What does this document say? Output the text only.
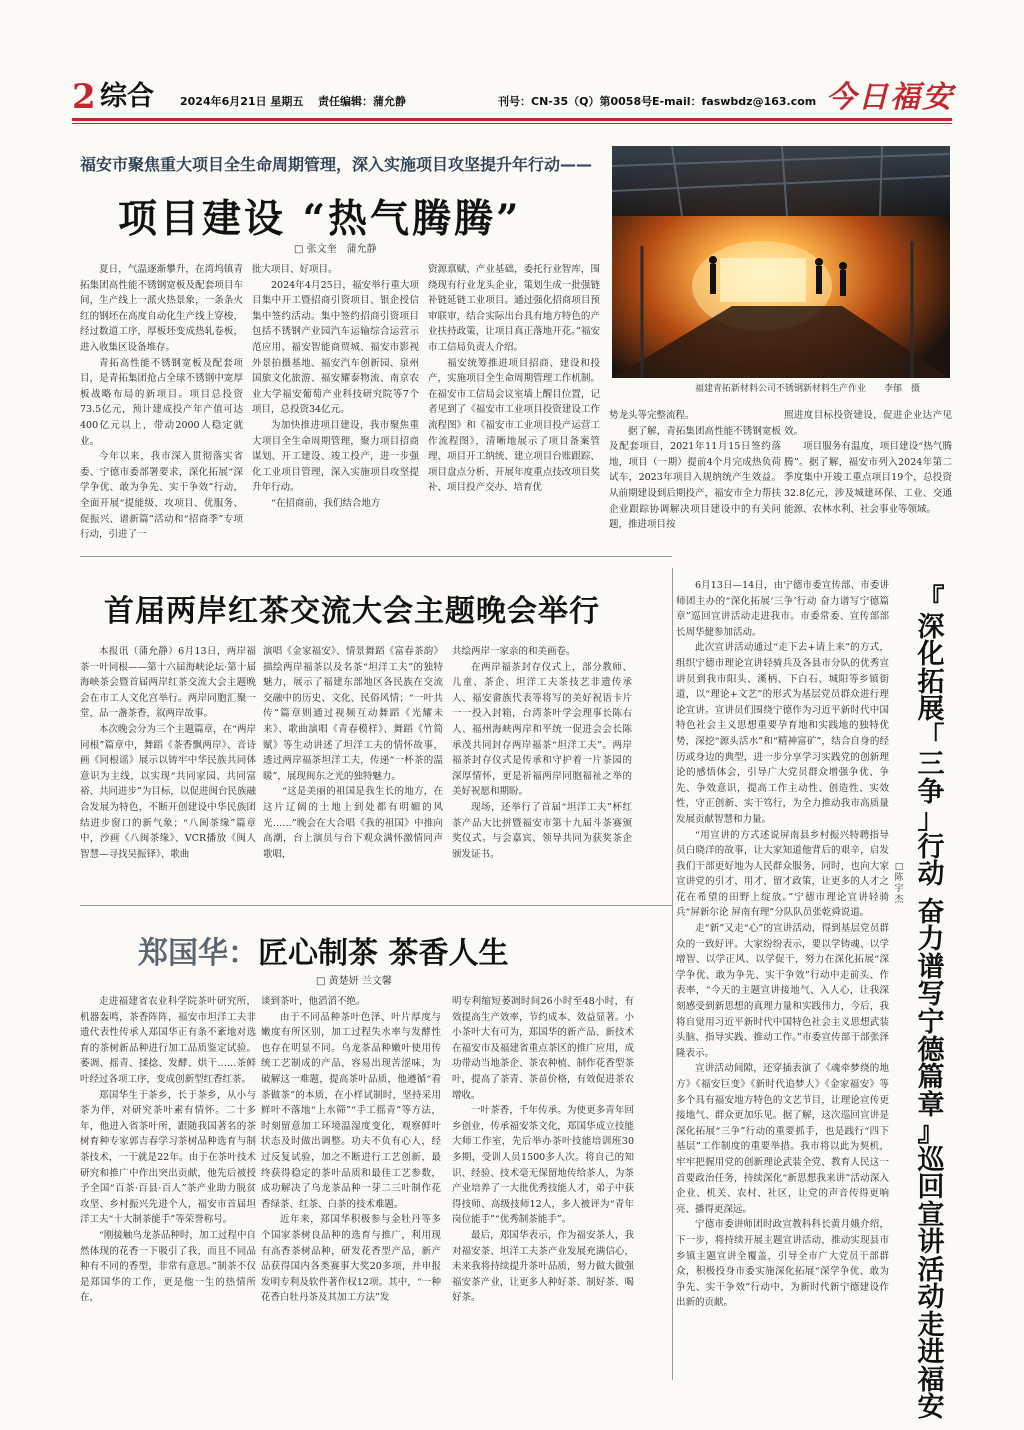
2 综合 2024年6月21日 星期五 责任编辑：蒲允静	刊号：CN-35（Q）第0058号 E-mail：faswbdz@163.com 今日福安
福安市聚焦重大项目全生命周期管理，深入实施项目攻坚提升年行动——
项目建设 “热气腾腾”
□ 张文奎　蒲允静
福建青拓新材料公司不锈钢新材料生产作业　　李郁　摄

夏日，气温逐渐攀升，在湾坞镇青拓集团高性能不锈钢宽板及配套项目车间，生产线上一派火热景象，一条条火红的钢坯在高度自动化生产线上穿梭，经过数道工序，厚板坯变成热轧卷板，进入收集区设备堆存。

青拓高性能不锈钢宽板及配套项目，是青拓集团抢占全球不锈钢中宽厚板战略布局的新项目。项目总投资73.5亿元，预计建成投产年产值可达400亿元以上，带动2000人稳定就业。

今年以来，我市深入贯彻落实省委、宁德市委部署要求，深化拓展“深学争优、敢为争先、实干争效”行动，全面开展“提能级、攻项目、优服务、促振兴、谱新篇”活动和“招商季”专项行动，引进了一

批大项目、好项目。

2024年4月25日，福安举行重大项目集中开工暨招商引资项目、银企授信集中签约活动。集中签约招商引资项目包括不锈钢产业园汽车运输综合运营示范应用、福安智能商贸城、福安市影视外景拍摄基地、福安汽车创新园、泉州国旅文化旅游、福安耀泰物流、南京农业大学福安葡萄产业科技研究院等7个项目，总投资34亿元。

为加快推进项目建设，我市聚焦重大项目全生命周期管理，聚力项目招商谋划、开工建设、竣工投产，进一步强化工业项目管理，深入实施项目攻坚提升年行动。

“在招商前，我们结合地方

资源禀赋、产业基础，委托行业智库，围绕现有行业龙头企业，策划生成一批强链补链延链工业项目。通过强化招商项目预审联审，结合实际出台具有地方特色的产业扶持政策，让项目真正落地开花。”福安市工信局负责人介绍。

福安统筹推进项目招商、建设和投产，实施项目全生命周期管理工作机制。在福安市工信局会议室墙上醒目位置，记者见到了《福安市工业项目投资建设工作流程图》和《福安市工业项目投产运营工作流程图》，清晰地展示了项目备案管理、项目开工纳统、建立项目台账跟踪、项目盘点分析、开展年度重点技改项目奖补、项目投产交办、培育优

势龙头等完整流程。

据了解，青拓集团高性能不锈钢宽板及配套项目，2021年11月15日签约落地，项目（一期）提前4个月完成热负荷试车，2023年项目入规纳统产生效益。从前期建设到后期投产，福安市全力帮扶企业跟踪协调解决项目建设中的有关问题，推进项目按

照进度目标投资建设，促进企业达产见效。

项目服务有温度，项目建设“热气腾腾”。据了解，福安市列入2024年第二季度集中开竣工重点项目19个，总投资32.8亿元，涉及城建环保、工业、交通能源、农林水利、社会事业等领域。

首届两岸红茶交流大会主题晚会举行

本报讯（蒲允静）6月13日，两岸福茶一叶同根——第十六届海峡论坛·第十届海峡茶会暨首届两岸红茶交流大会主题晚会在市工人文化宫举行。两岸同胞汇聚一堂，品一盏茶香，叙两岸故事。

本次晚会分为三个主题篇章，在“两岸同根”篇章中，舞蹈《茶香飘两岸》、音诗画《同根谣》展示以铸牢中华民族共同体意识为主线，以实现“共同家园、共同富裕、共同进步”为目标，以促进闽台民族融合发展为特色，不断开创建设中华民族团结进步窗口的新气象；“八闽茶缘”篇章中，沙画《八闽茶缘》、VCR播放《闽人智慧—寻找吴振铎》、歌曲

演唱《金家福安》、情景舞蹈《富春茶韵》描绘两岸福茶以及名茶“坦洋工夫”的独特魅力，展示了福建东部地区各民族在交流交融中的历史、文化、民俗风情；“一叶共传”篇章则通过视频互动舞蹈《光耀未来》、歌曲演唱《青春模样》、舞蹈《竹简赋》等生动讲述了坦洋工夫的情怀故事，透过两岸福茶坦洋工夫，传递“一杯茶的温暖”，展现闽东之光的独特魅力。

“这是美丽的祖国是我生长的地方，在这片辽阔的土地上到处都有明媚的风光……”晚会在大合唱《我的祖国》中推向高潮，台上演员与台下观众满怀激情同声歌唱，

共绘两岸一家亲的和美画卷。

在两岸福茶封存仪式上，部分教师、儿童、茶企、坦洋工夫茶技艺非遗传承人、福安畲族代表等将写的美好祝语卡片一一投入封箱，台湾茶叶学会理事长陈右人、福州海峡两岸和平统一促进会会长陈承茂共同封存两岸福茶“坦洋工夫”。两岸福茶封存仪式是传承和守护着一片茶园的深厚情怀，更是祈福两岸同胞福祉之举的美好祝愿和期盼。

现场，还举行了首届“坦洋工夫”杯红茶产品大比拼暨福安市第十九届斗茶赛颁奖仪式。与会嘉宾、领导共同为获奖茶企颁发证书。

郑国华：匠心制茶 茶香人生
□ 黄楚妍 兰文馨

走进福建省农业科学院茶叶研究所，机器轰鸣，茶香阵阵，福安市坦洋工夫非遗代表性传承人郑国华正有条不紊地对选育的茶树新品种进行加工品质鉴定试验。萎凋、摇青、揉捻、发酵、烘干……茶鲜叶经过各项工序，变成创新型红香红茶。

郑国华生于茶乡，长于茶乡，从小与茶为伴，对研究茶叶素有情怀。二十多年，他进入省茶叶所，跟随我国著名的茶树育种专家郭吉春学习茶树品种选育与制茶技术，一干就是22年。由于在茶叶技术研究和推广中作出突出贡献，他先后被授予全国“百茶·百县·百人”茶产业助力脱贫攻坚、乡村振兴先进个人，福安市首届坦洋工夫“十大制茶能手”等荣誉称号。

“刚接触乌龙茶品种时，加工过程中自然体现的花香一下吸引了我，而且不同品种有不同的香型，非常有意思。”制茶不仅是郑国华的工作，更是他一生的热情所在，

谈到茶叶，他滔滔不绝。

由于不同品种茶叶色泽、叶片厚度与嫩度有所区别，加工过程失水率与发酵性也存在明显不同。乌龙茶品种嫩叶使用传统工艺制成的产品，容易出现苦涩味，为破解这一难题，提高茶叶品质，他遵循“看茶做茶”的本质，在小样试制时，坚持采用鲜叶不落地“上水筛”“手工摇青”等方法，时刻留意加工环境温湿度变化，观察鲜叶状态及时做出调整。功夫不负有心人，经过反复试验，加之不断进行工艺创新，最终获得稳定的茶叶品质和最佳工艺参数，成功解决了乌龙茶品种一芽二三叶制作花香绿茶、红茶、白茶的技术难题。

近年来，郑国华积极参与金牡丹等多个国家茶树良品种的选育与推广，利用现有高香茶树品种，研发花香型产品，新产品获得国内各类赛事大奖20多项，并申报发明专利及软件著作权12项。其中，“一种花香白牡丹茶及其加工方法”发

明专利缩短萎凋时间26小时至48小时，有效提高生产效率，节约成本、效益显著。小小茶叶大有可为，郑国华的新产品、新技术在福安市及福建省重点茶区的推广应用，成功带动当地茶企、茶农种植、制作花香型茶叶，提高了茶青、茶苗价格，有效促进茶农增收。

一叶茶香，千年传承。为使更多青年回乡创业，传承福安茶文化，郑国华成立技能大师工作室，先后举办茶叶技能培训班30多期，受训人员1500多人次。将自己的知识、经验、技术毫无保留地传给茶人，为茶产业培养了一大批优秀技能人才，弟子中获得技师、高级技师12人，多人被评为“青年岗位能手”“优秀制茶能手”。

最后，郑国华表示，作为福安茶人，我对福安茶、坦洋工夫茶产业发展充满信心，未来我将持续提升茶叶品质，努力做大做强福安茶产业，让更多人种好茶、制好茶、喝好茶。

6月13日—14日，由宁德市委宣传部、市委讲师团主办的“深化拓展‘三争’行动 奋力谱写宁德篇章”巡回宣讲活动走进我市。市委常委、宣传部部长周华健参加活动。

此次宣讲活动通过“走下去+请上来”的方式，组织宁德市理论宣讲轻骑兵及各县市分队的优秀宣讲员到我市阳头、溪柄、下白石、城阳等乡镇街道，以“理论+文艺”的形式为基层党员群众进行理论宣讲。宣讲员们围绕宁德作为习近平新时代中国特色社会主义思想重要孕育地和实践地的独特优势，深挖“源头活水”和“精神富矿”，结合自身的经历或身边的典型，进一步分享学习实践党的创新理论的感悟体会，引导广大党员群众增强争优、争先、争效意识，提高工作主动性、创造性、实效性，守正创新、实干笃行，为全力推动我市高质量发展贡献智慧和力量。

“用宣讲的方式述说屏南县乡村振兴特聘指导员白晓洋的故事，让大家知道他背后的艰辛，启发我们干部更好地为人民群众服务，同时，也向大家宣讲党的引才、用才、留才政策，让更多的人才之花在希望的田野上绽放。”宁德市理论宣讲轻骑兵“屏新尔论 屏南有理”分队队员张乾舜说道。

走“新”又走“心”的宣讲活动，得到基层党员群众的一致好评。大家纷纷表示，要以学铸魂、以学增智、以学正风、以学促干，努力在深化拓展“深学争优、敢为争先、实干争效”行动中走前头、作表率，“今天的主题宣讲接地气、入人心，让我深刻感受到新思想的真理力量和实践伟力，今后，我将自觉用习近平新时代中国特色社会主义思想武装头脑、指导实践、推动工作。”市委宣传部干部张泽隆表示。

宣讲活动间隙，还穿插表演了《魂牵梦绕的地方》《福安巨变》《新时代追梦人》《金家福安》等多个具有福安地方特色的文艺节目，让理论宣传更接地气、群众更加乐见。据了解，这次巡回宣讲是深化拓展“三争”行动的重要抓手，也是践行“四下基层”工作制度的重要举措。我市将以此为契机，牢牢把握用党的创新理论武装全党、教育人民这一首要政治任务，持续深化“新思想我来讲”活动深入企业、机关、农村、社区，让党的声音传得更响亮、播得更深远。

宁德市委讲师团时政宣教科科长黄月娥介绍，下一步，将持续开展主题宣讲活动，推动实现县市乡镇主题宣讲全覆盖，引导全市广大党员干部群众，积极投身市委实施深化拓展“深学争优、敢为争先、实干争效”行动中，为新时代新宁德建设作出新的贡献。

『
深
化
拓
展
「
三
争
」
行
动
奋
力
谱
写
宁
德
篇
章
』
巡
回
宣
讲
活
动
走
进
福
安
□
陈
宇
杰
